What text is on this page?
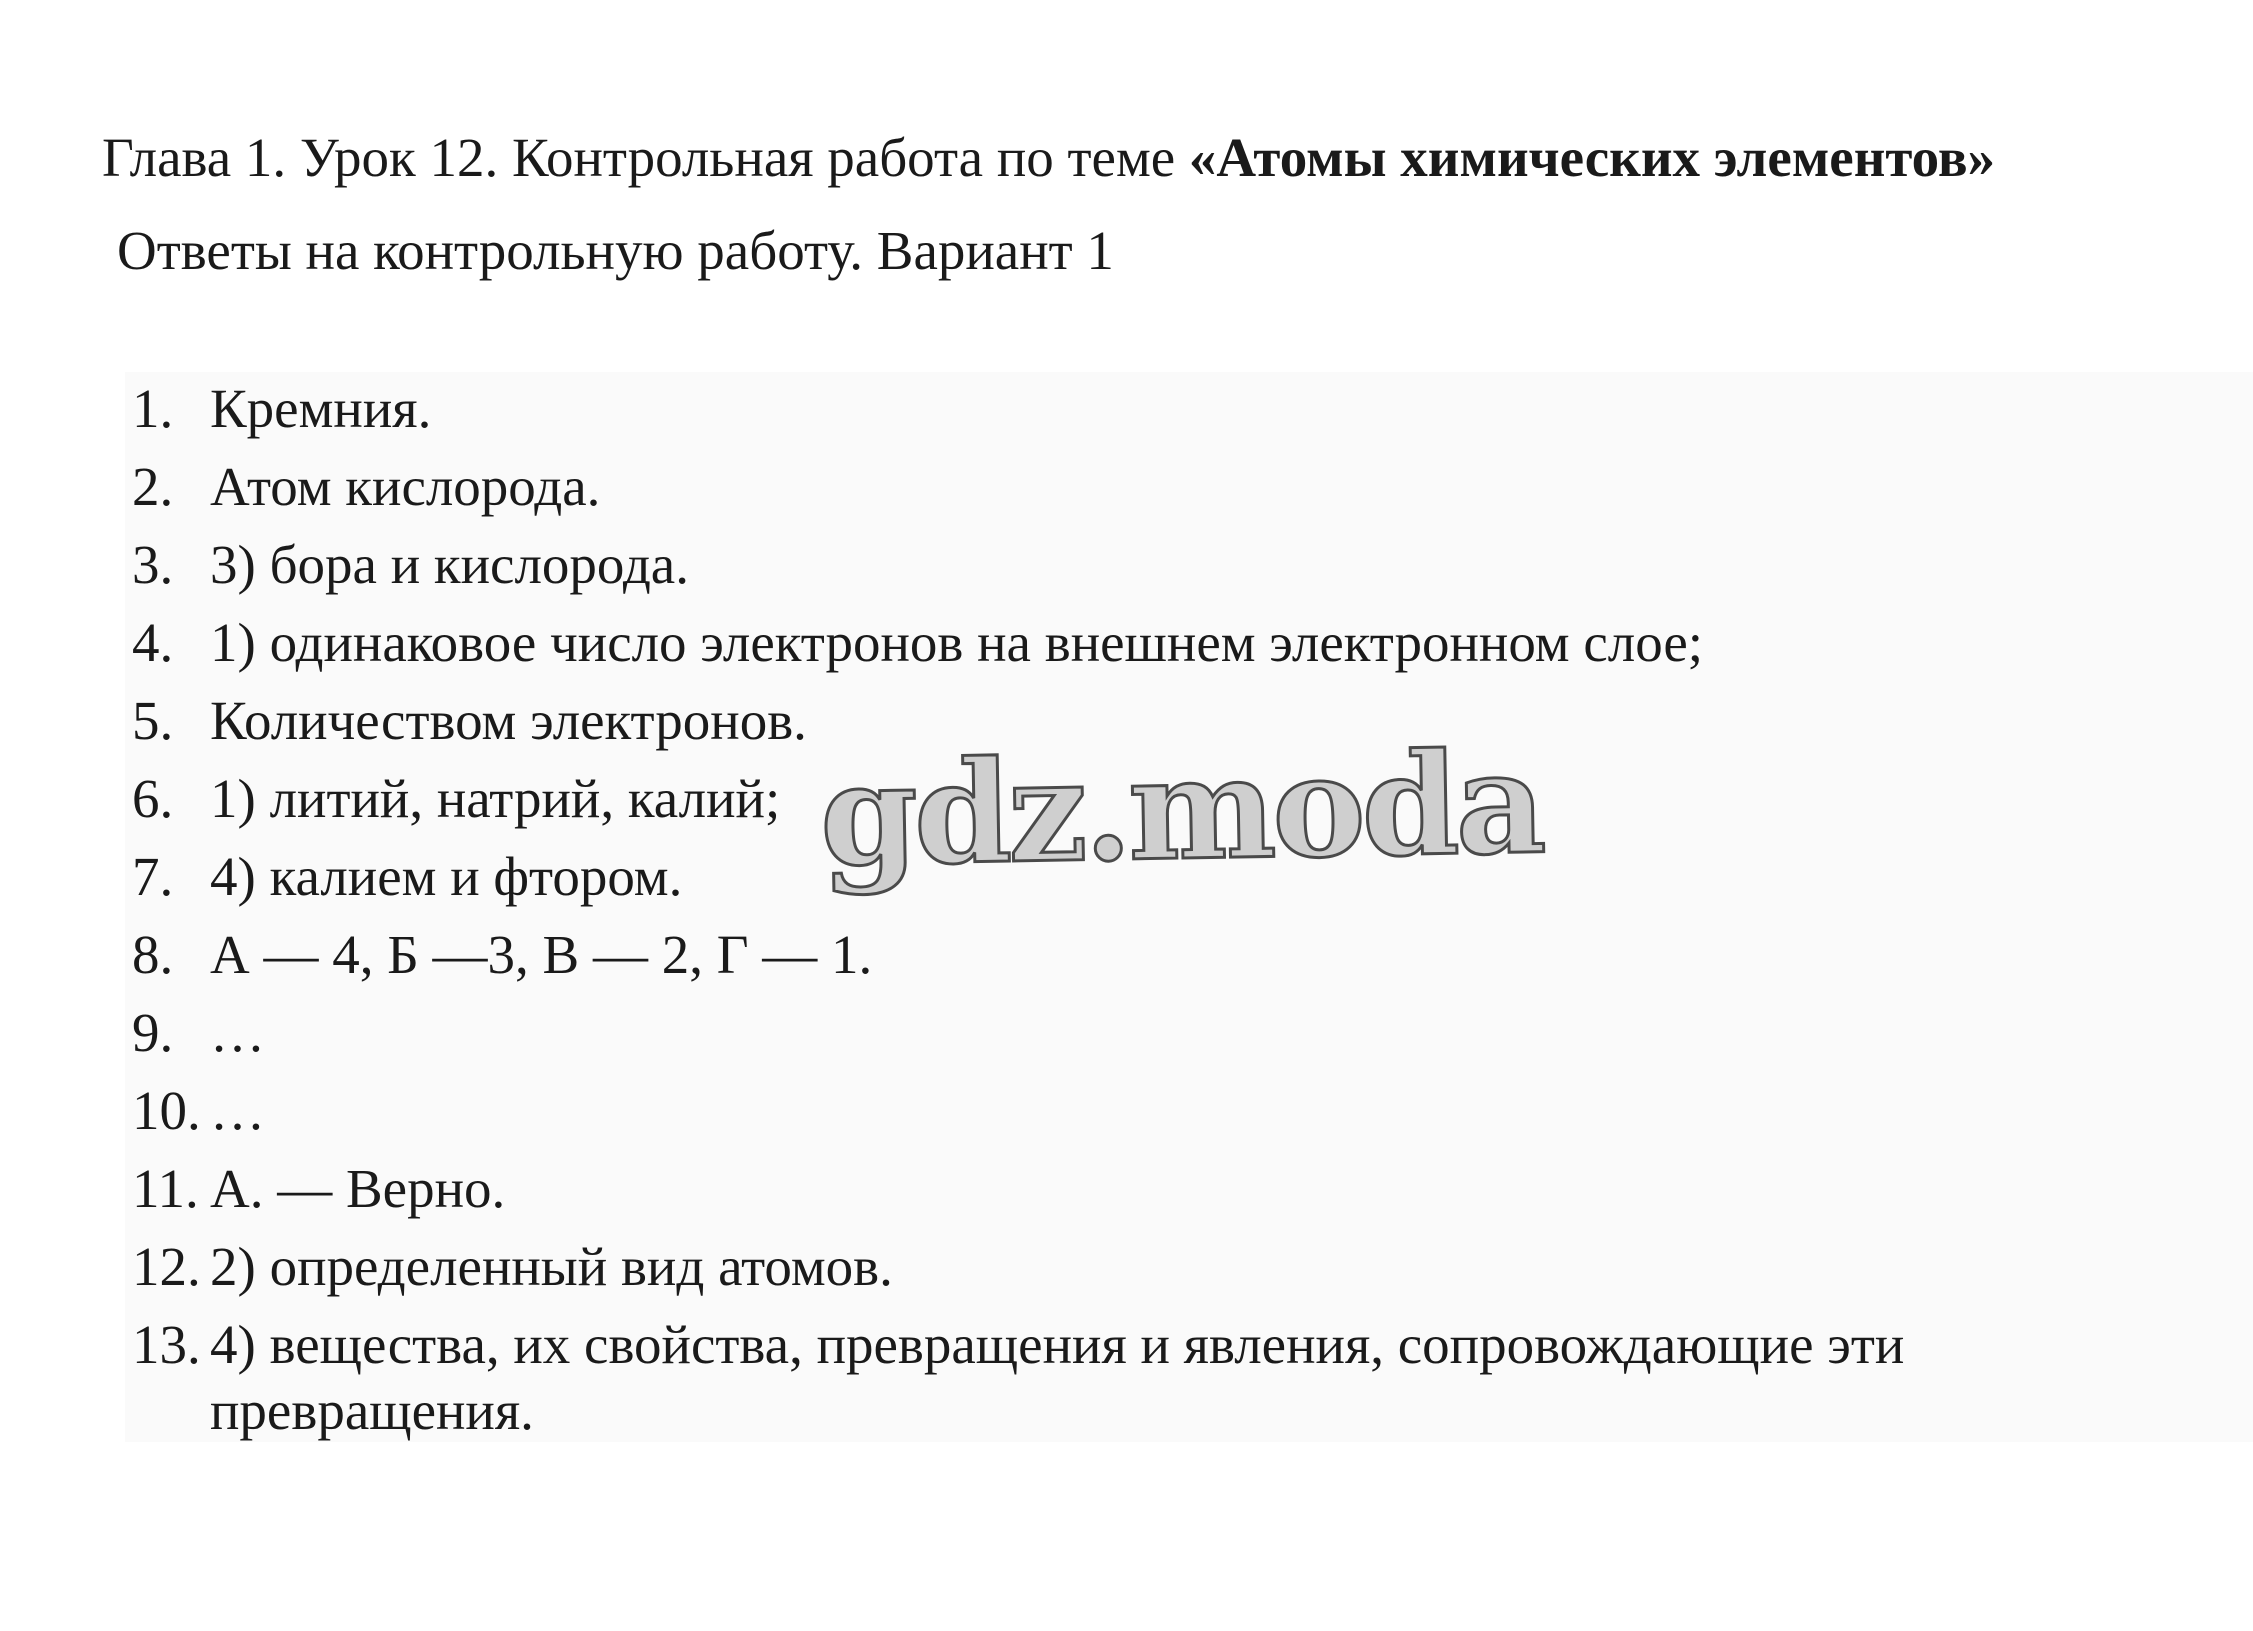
Глава 1. Урок 12. Контрольная работа по теме «Атомы химических элементов»
Ответы на контрольную работу. Вариант 1
1. Кремния.
2. Атом кислорода.
3. 3) бора и кислорода.
4. 1) одинаковое число электронов на внешнем электронном слое;
5. Количеством электронов.
6. 1) литий, натрий, калий;
7. 4) калием и фтором.
8. А — 4, Б —3, В — 2, Г — 1.
9. …
10. …
11. А. — Верно.
12. 2) определенный вид атомов.
13. 4) вещества, их свойства, превращения и явления, сопровождающие эти превращения.
gdz.moda
